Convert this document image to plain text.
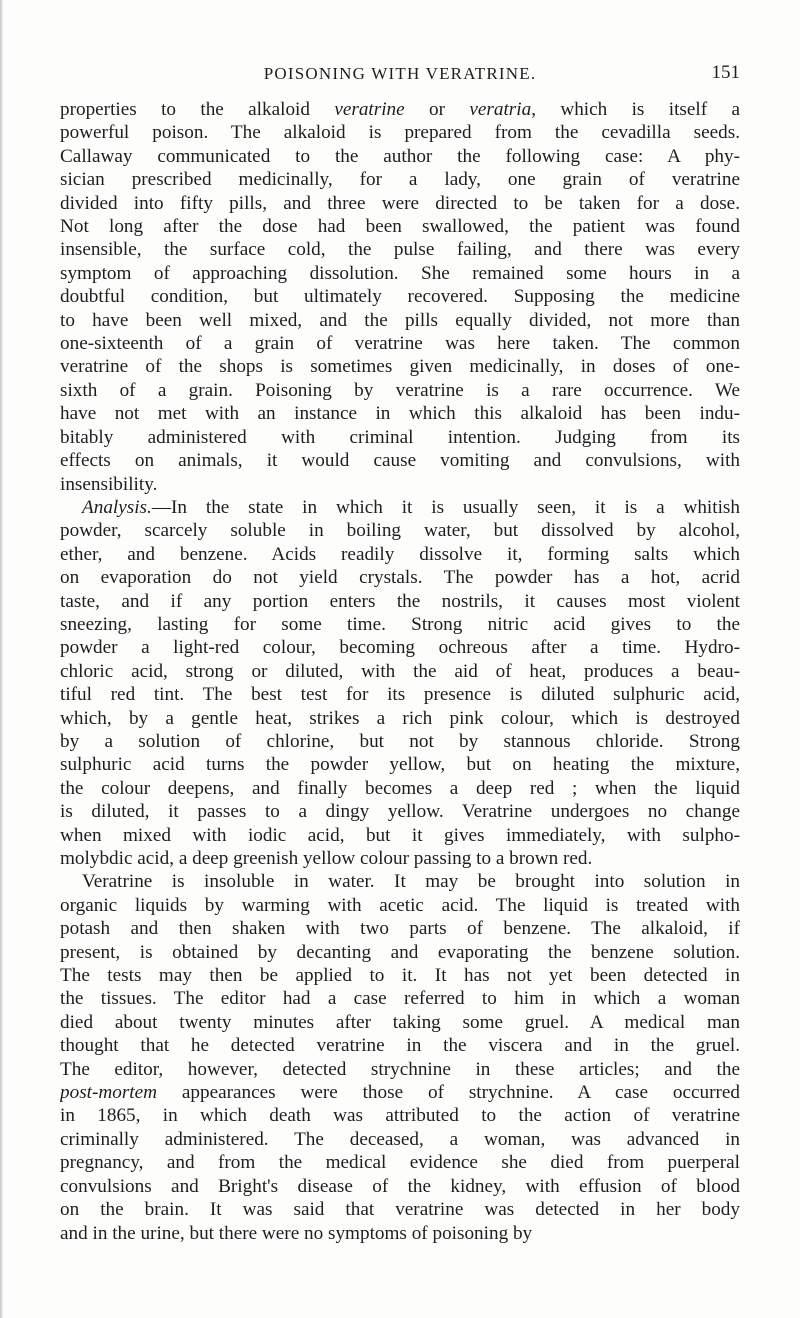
POISONING WITH VERATRINE.	151
properties to the alkaloid veratrine or veratria, which is itself a
powerful poison. The alkaloid is prepared from the cevadilla seeds.
Callaway communicated to the author the following case: A phy-
sician prescribed medicinally, for a lady, one grain of veratrine
divided into fifty pills, and three were directed to be taken for a dose.
Not long after the dose had been swallowed, the patient was found
insensible, the surface cold, the pulse failing, and there was every
symptom of approaching dissolution. She remained some hours in a
doubtful condition, but ultimately recovered. Supposing the medicine
to have been well mixed, and the pills equally divided, not more than
one-sixteenth of a grain of veratrine was here taken. The common
veratrine of the shops is sometimes given medicinally, in doses of one-
sixth of a grain. Poisoning by veratrine is a rare occurrence. We
have not met with an instance in which this alkaloid has been indu-
bitably administered with criminal intention. Judging from its
effects on animals, it would cause vomiting and convulsions, with
insensibility.
Analysis.—In the state in which it is usually seen, it is a whitish
powder, scarcely soluble in boiling water, but dissolved by alcohol,
ether, and benzene. Acids readily dissolve it, forming salts which
on evaporation do not yield crystals. The powder has a hot, acrid
taste, and if any portion enters the nostrils, it causes most violent
sneezing, lasting for some time. Strong nitric acid gives to the
powder a light-red colour, becoming ochreous after a time. Hydro-
chloric acid, strong or diluted, with the aid of heat, produces a beau-
tiful red tint. The best test for its presence is diluted sulphuric acid,
which, by a gentle heat, strikes a rich pink colour, which is destroyed
by a solution of chlorine, but not by stannous chloride. Strong
sulphuric acid turns the powder yellow, but on heating the mixture,
the colour deepens, and finally becomes a deep red ; when the liquid
is diluted, it passes to a dingy yellow. Veratrine undergoes no change
when mixed with iodic acid, but it gives immediately, with sulpho-
molybdic acid, a deep greenish yellow colour passing to a brown red.
Veratrine is insoluble in water. It may be brought into solution in
organic liquids by warming with acetic acid. The liquid is treated with
potash and then shaken with two parts of benzene. The alkaloid, if
present, is obtained by decanting and evaporating the benzene solution.
The tests may then be applied to it. It has not yet been detected in
the tissues. The editor had a case referred to him in which a woman
died about twenty minutes after taking some gruel. A medical man
thought that he detected veratrine in the viscera and in the gruel.
The editor, however, detected strychnine in these articles; and the
post-mortem appearances were those of strychnine. A case occurred
in 1865, in which death was attributed to the action of veratrine
criminally administered. The deceased, a woman, was advanced in
pregnancy, and from the medical evidence she died from puerperal
convulsions and Bright's disease of the kidney, with effusion of blood
on the brain. It was said that veratrine was detected in her body
and in the urine, but there were no symptoms of poisoning by
